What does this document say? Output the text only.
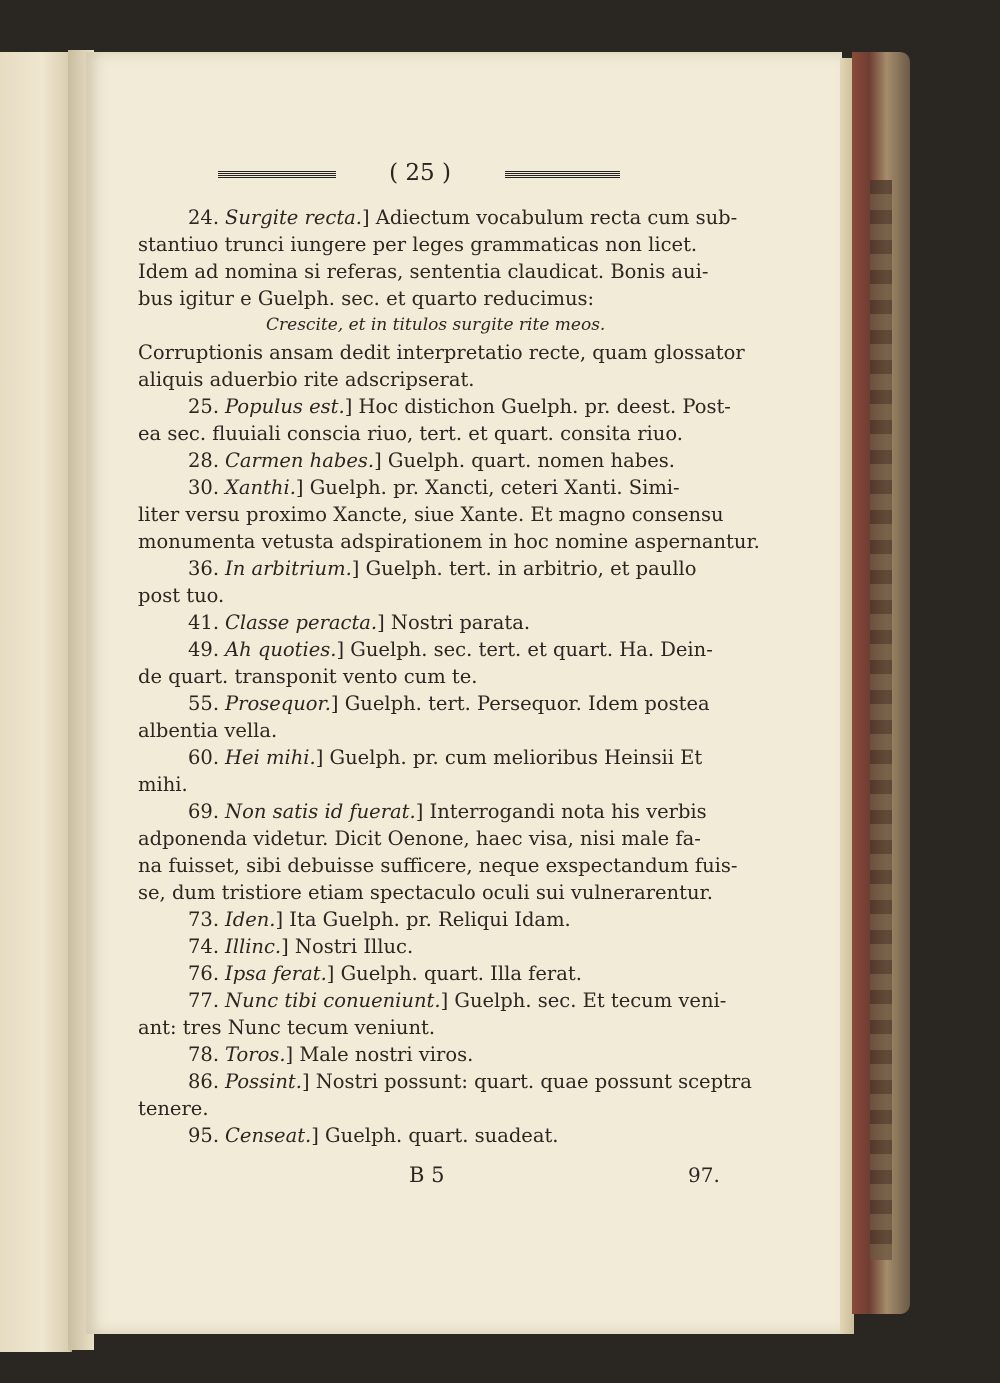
( 25 )
24. Surgite recta.] Adiectum vocabulum recta cum sub-
stantiuo trunci iungere per leges grammaticas non licet.
Idem ad nomina si referas, sententia claudicat. Bonis aui-
bus igitur e Guelph. sec. et quarto reducimus:
Crescite, et in titulos surgite rite meos.
Corruptionis ansam dedit interpretatio recte, quam glossator
aliquis aduerbio rite adscripserat.
25. Populus est.] Hoc distichon Guelph. pr. deest. Post-
ea sec. fluuiali conscia riuo, tert. et quart. consita riuo.
28. Carmen habes.] Guelph. quart. nomen habes.
30. Xanthi.] Guelph. pr. Xancti, ceteri Xanti. Simi-
liter versu proximo Xancte, siue Xante. Et magno consensu
monumenta vetusta adspirationem in hoc nomine aspernantur.
36. In arbitrium.] Guelph. tert. in arbitrio, et paullo
post tuo.
41. Classe peracta.] Nostri parata.
49. Ah quoties.] Guelph. sec. tert. et quart. Ha. Dein-
de quart. transponit vento cum te.
55. Prosequor.] Guelph. tert. Persequor. Idem postea
albentia vella.
60. Hei mihi.] Guelph. pr. cum melioribus Heinsii Et
mihi.
69. Non satis id fuerat.] Interrogandi nota his verbis
adponenda videtur. Dicit Oenone, haec visa, nisi male fa-
na fuisset, sibi debuisse sufficere, neque exspectandum fuis-
se, dum tristiore etiam spectaculo oculi sui vulnerarentur.
73. Iden.] Ita Guelph. pr. Reliqui Idam.
74. Illinc.] Nostri Illuc.
76. Ipsa ferat.] Guelph. quart. Illa ferat.
77. Nunc tibi conueniunt.] Guelph. sec. Et tecum veni-
ant: tres Nunc tecum veniunt.
78. Toros.] Male nostri viros.
86. Possint.] Nostri possunt: quart. quae possunt sceptra
tenere.
95. Censeat.] Guelph. quart. suadeat.
B 5	97.
